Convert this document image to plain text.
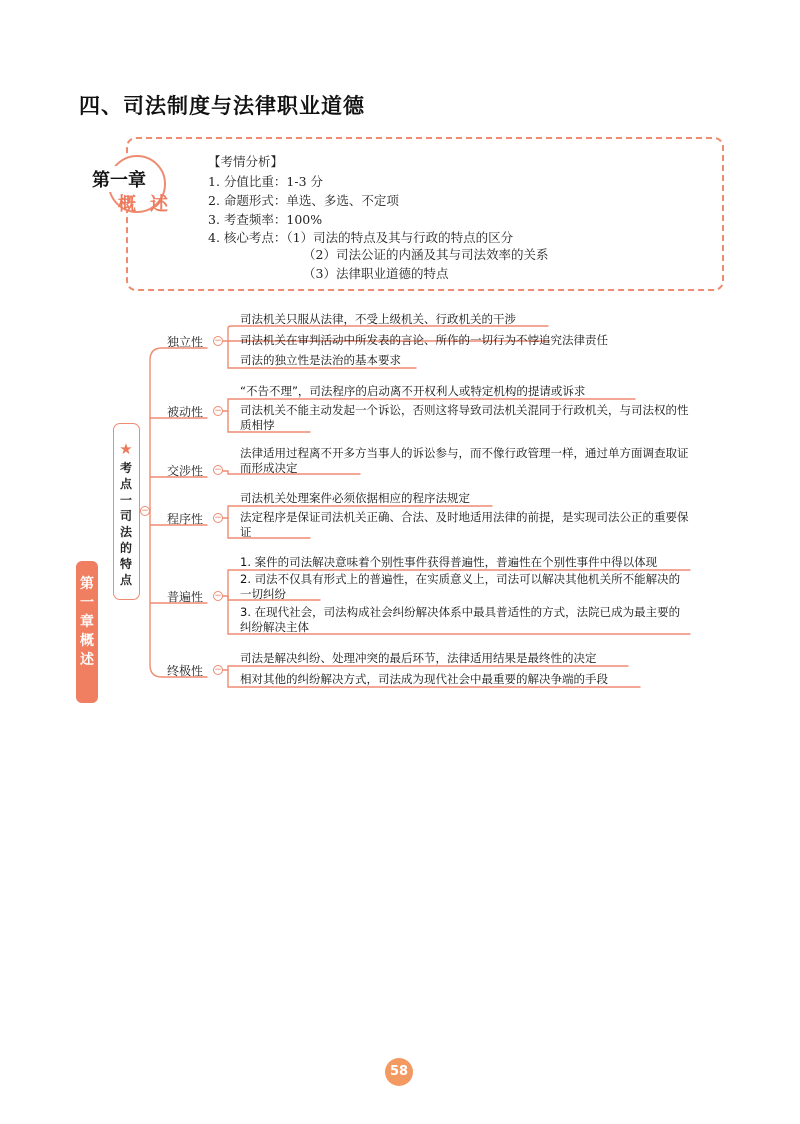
四、司法制度与法律职业道德
第一章
概述
【考情分析】
1. 分值比重：1-3 分
2. 命题形式：单选、多选、不定项
3. 考查频率：100%
4. 核心考点：（1）司法的特点及其与行政的特点的区分
（2）司法公证的内涵及其与司法效率的关系
（3）法律职业道德的特点
第一章概述
★
考点一司法的特点
−
独立性 −
被动性 −
交涉性 −
程序性 −
普遍性 −
终极性 −
司法机关只服从法律，不受上级机关、行政机关的干涉
司法机关在审判活动中所发表的言论、所作的一切行为不悖追究法律责任
司法的独立性是法治的基本要求
“不告不理”，司法程序的启动离不开权利人或特定机构的提请或诉求
司法机关不能主动发起一个诉讼，否则这将导致司法机关混同于行政机关，与司法权的性质相悖
法律适用过程离不开多方当事人的诉讼参与，而不像行政管理一样，通过单方面调查取证而形成决定
司法机关处理案件必须依据相应的程序法规定
法定程序是保证司法机关正确、合法、及时地适用法律的前提，是实现司法公正的重要保证
1. 案件的司法解决意味着个别性事件获得普遍性，普遍性在个别性事件中得以体现
2. 司法不仅具有形式上的普遍性，在实质意义上，司法可以解决其他机关所不能解决的一切纠纷
3. 在现代社会，司法构成社会纠纷解决体系中最具普适性的方式，法院已成为最主要的纠纷解决主体
司法是解决纠纷、处理冲突的最后环节，法律适用结果是最终性的决定
相对其他的纠纷解决方式，司法成为现代社会中最重要的解决争端的手段
58
